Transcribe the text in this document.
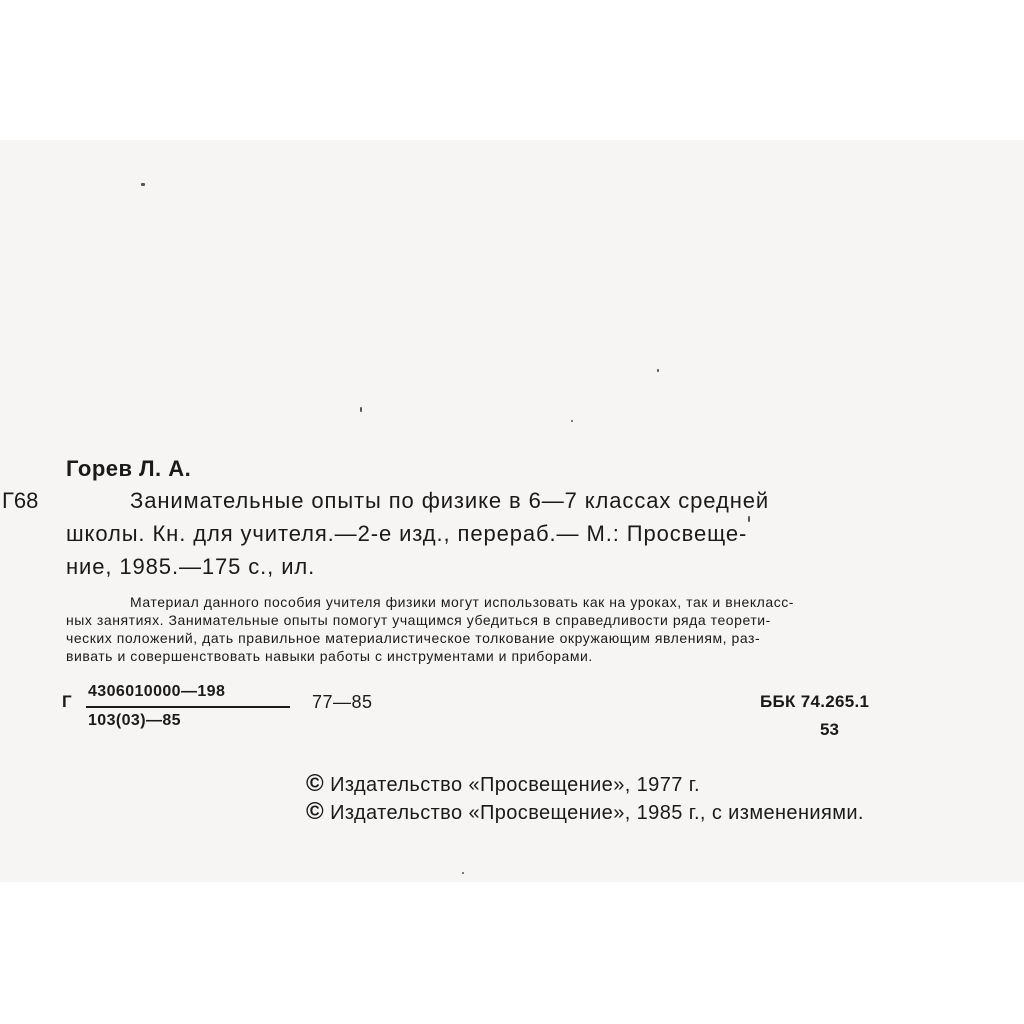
Горев Л. А.
Г68	Занимательные опыты по физике в 6—7 классах средней
школы. Кн. для учителя.—2-е изд., перераб.— М.: Просвеще-
ние, 1985.—175 с., ил.
Материал данного пособия учителя физики могут использовать как на уроках, так и внекласс-
ных занятиях. Занимательные опыты помогут учащимся убедиться в справедливости ряда теорети-
ческих положений, дать правильное материалистическое толкование окружающим явлениям, раз-
вивать и совершенствовать навыки работы с инструментами и приборами.
Г
4306010000—198
103(03)—85
77—85	ББК 74.265.1
53
© Издательство «Просвещение», 1977 г.
© Издательство «Просвещение», 1985 г., с изменениями.
